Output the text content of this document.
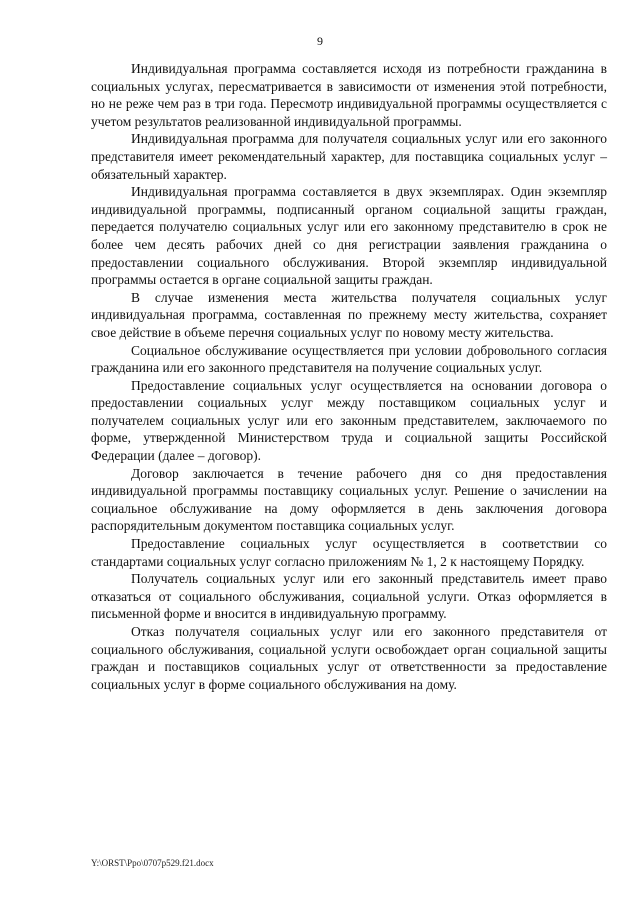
9

Индивидуальная программа составляется исходя из потребности гражданина в социальных услугах, пересматривается в зависимости от изменения этой потребности, но не реже чем раз в три года. Пересмотр индивидуальной программы осуществляется с учетом результатов реализованной индивидуальной программы.

Индивидуальная программа для получателя социальных услуг или его законного представителя имеет рекомендательный характер, для поставщика социальных услуг – обязательный характер.

Индивидуальная программа составляется в двух экземплярах. Один экземпляр индивидуальной программы, подписанный органом социальной защиты граждан, передается получателю социальных услуг или его законному представителю в срок не более чем десять рабочих дней со дня регистрации заявления гражданина о предоставлении социального обслуживания. Второй экземпляр индивидуальной программы остается в органе социальной защиты граждан.

В случае изменения места жительства получателя социальных услуг индивидуальная программа, составленная по прежнему месту жительства, сохраняет свое действие в объеме перечня социальных услуг по новому месту жительства.

Социальное обслуживание осуществляется при условии добровольного согласия гражданина или его законного представителя на получение социальных услуг.

Предоставление социальных услуг осуществляется на основании договора о предоставлении социальных услуг между поставщиком социальных услуг и получателем социальных услуг или его законным представителем, заключаемого по форме, утвержденной Министерством труда и социальной защиты Российской Федерации (далее – договор).

Договор заключается в течение рабочего дня со дня предоставления индивидуальной программы поставщику социальных услуг. Решение о зачислении на социальное обслуживание на дому оформляется в день заключения договора распорядительным документом поставщика социальных услуг.

Предоставление социальных услуг осуществляется в соответствии со стандартами социальных услуг согласно приложениям № 1, 2 к настоящему Порядку.

Получатель социальных услуг или его законный представитель имеет право отказаться от социального обслуживания, социальной услуги. Отказ оформляется в письменной форме и вносится в индивидуальную программу.

Отказ получателя социальных услуг или его законного представителя от социального обслуживания, социальной услуги освобождает орган социальной защиты граждан и поставщиков социальных услуг от ответственности за предоставление социальных услуг в форме социального обслуживания на дому.

Y:\ORST\Ppo\0707p529.f21.docx
